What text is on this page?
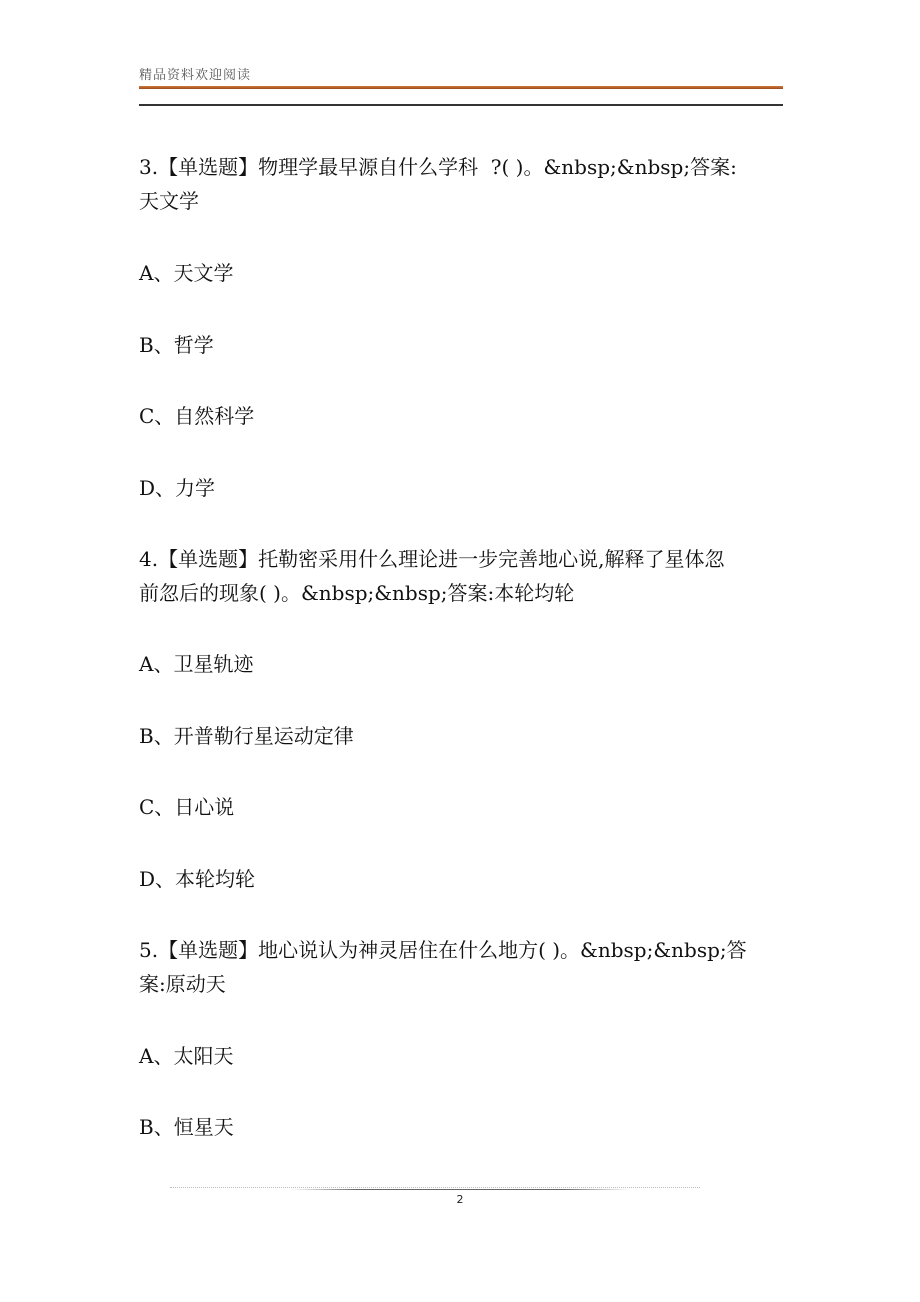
精品资料欢迎阅读

3.【单选题】物理学最早源自什么学科  ?( )。&nbsp;&nbsp;答案:
天文学

A、天文学

B、哲学

C、自然科学

D、力学

4.【单选题】托勒密采用什么理论进一步完善地心说,解释了星体忽
前忽后的现象( )。&nbsp;&nbsp;答案:本轮均轮

A、卫星轨迹

B、开普勒行星运动定律

C、日心说

D、本轮均轮

5.【单选题】地心说认为神灵居住在什么地方( )。&nbsp;&nbsp;答
案:原动天

A、太阳天

B、恒星天

2
